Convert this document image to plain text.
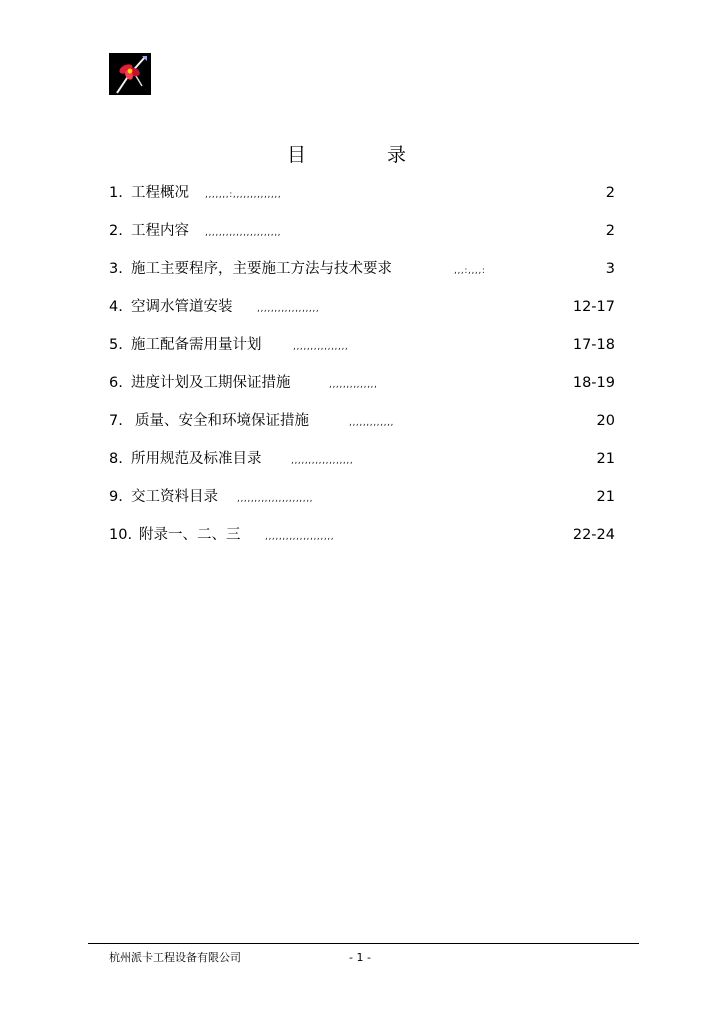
目	录
1. 工程概况 ,,,,,,,:,,,,,,,,,,,,,,	2
2. 工程内容 ,,,,,,,,,,,,,,,,,,,,,,	2
3. 施工主要程序，主要施工方法与技术要求	,,,:,,,,:	3
4. 空调水管道安装	,,,,,,,,,,,,,,,,,,	12-17
5. 施工配备需用量计划	,,,,,,,,,,,,,,,,	17-18
6. 进度计划及工期保证措施	,,,,,,,,,,,,,,	18-19
7. 质量、安全和环境保证措施	,,,,,,,,,,,,,	20
8. 所用规范及标准目录	,,,,,,,,,,,,,,,,,,	21
9. 交工资料目录 ,,,,,,,,,,,,,,,,,,,,,,	21
10. 附录一、二、三	,,,,,,,,,,,,,,,,,,,,	22-24
杭州派卡工程设备有限公司	- 1 -
